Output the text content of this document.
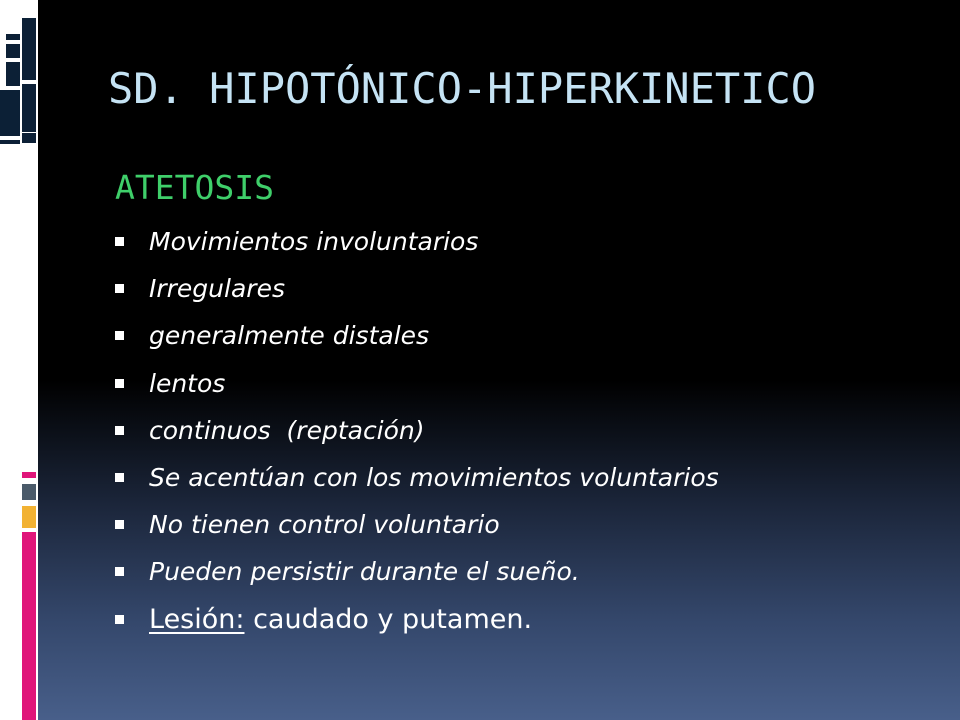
SD. HIPOTÓNICO-HIPERKINETICO
ATETOSIS
Movimientos involuntarios
Irregulares
generalmente distales
lentos
continuos  (reptación)
Se acentúan con los movimientos voluntarios
No tienen control voluntario
Pueden persistir durante el sueño.
Lesión: caudado y putamen.
